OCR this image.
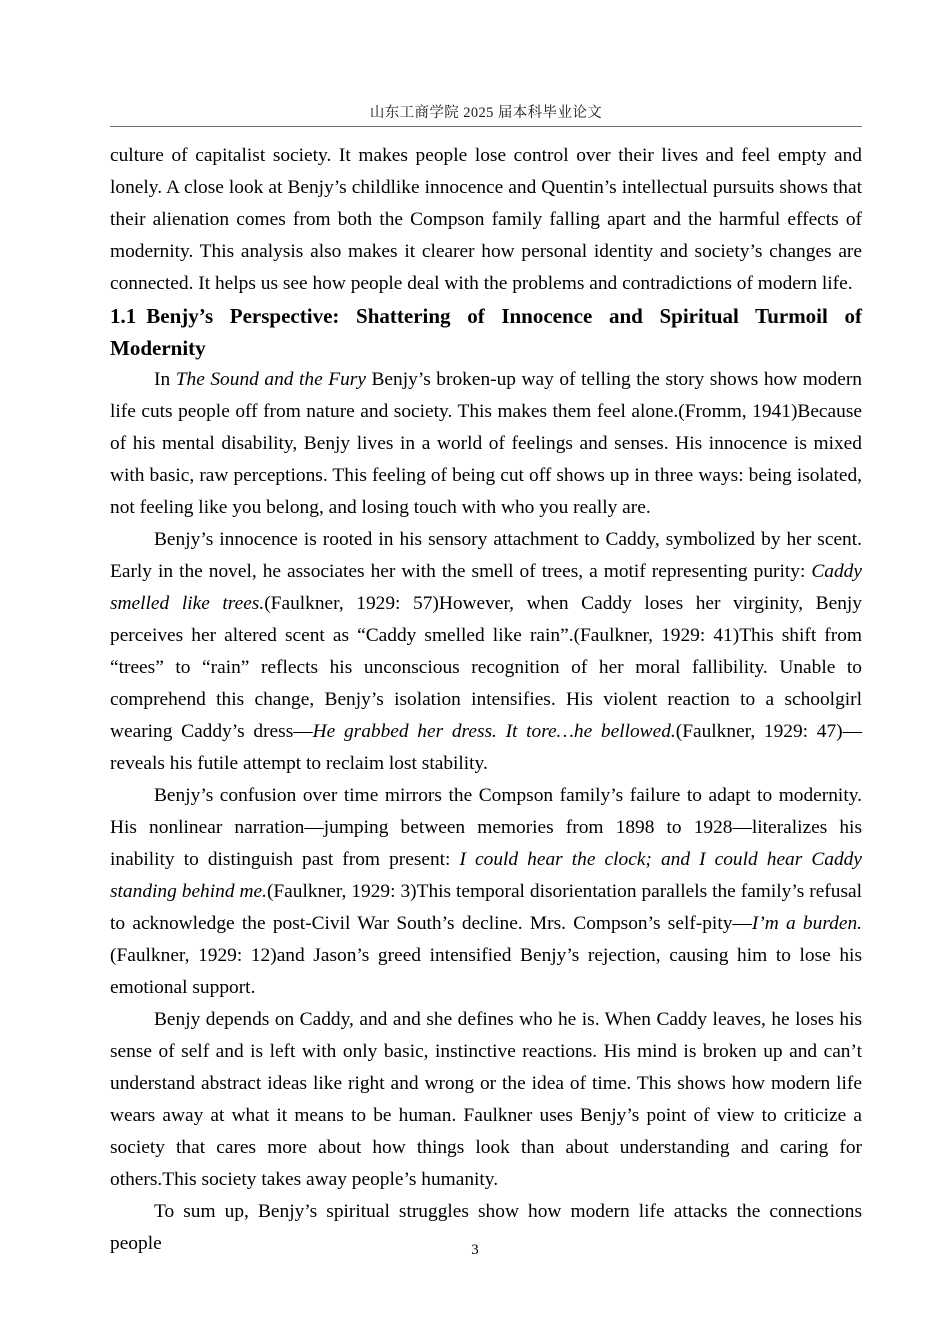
山东工商学院 2025 届本科毕业论文

culture of capitalist society. It makes people lose control over their lives and feel empty and lonely. A close look at Benjy’s childlike innocence and Quentin’s intellectual pursuits shows that their alienation comes from both the Compson family falling apart and the harmful effects of modernity. This analysis also makes it clearer how personal identity and society’s changes are connected. It helps us see how people deal with the problems and contradictions of modern life.

1.1 Benjy’s Perspective: Shattering of Innocence and Spiritual Turmoil of Modernity

In The Sound and the Fury Benjy’s broken-up way of telling the story shows how modern life cuts people off from nature and society. This makes them feel alone.(Fromm, 1941)Because of his mental disability, Benjy lives in a world of feelings and senses. His innocence is mixed with basic, raw perceptions. This feeling of being cut off shows up in three ways: being isolated, not feeling like you belong, and losing touch with who you really are.

Benjy’s innocence is rooted in his sensory attachment to Caddy, symbolized by her scent. Early in the novel, he associates her with the smell of trees, a motif representing purity: Caddy smelled like trees.(Faulkner, 1929: 57)However, when Caddy loses her virginity, Benjy perceives her altered scent as “Caddy smelled like rain”.(Faulkner, 1929: 41)This shift from “trees” to “rain” reflects his unconscious recognition of her moral fallibility. Unable to comprehend this change, Benjy’s isolation intensifies. His violent reaction to a schoolgirl wearing Caddy’s dress—He grabbed her dress. It tore…he bellowed.(Faulkner, 1929: 47)—reveals his futile attempt to reclaim lost stability.

Benjy’s confusion over time mirrors the Compson family’s failure to adapt to modernity. His nonlinear narration—jumping between memories from 1898 to 1928—literalizes his inability to distinguish past from present: I could hear the clock; and I could hear Caddy standing behind me.(Faulkner, 1929: 3)This temporal disorientation parallels the family’s refusal to acknowledge the post-Civil War South’s decline. Mrs. Compson’s self-pity—I’m a burden.(Faulkner, 1929: 12)and Jason’s greed intensified Benjy’s rejection, causing him to lose his emotional support.

Benjy depends on Caddy, and and she defines who he is. When Caddy leaves, he loses his sense of self and is left with only basic, instinctive reactions. His mind is broken up and can’t understand abstract ideas like right and wrong or the idea of time. This shows how modern life wears away at what it means to be human. Faulkner uses Benjy’s point of view to criticize a society that cares more about how things look than about understanding and caring for others.This society takes away people’s humanity.

To sum up, Benjy’s spiritual struggles show how modern life attacks the connections people	3
